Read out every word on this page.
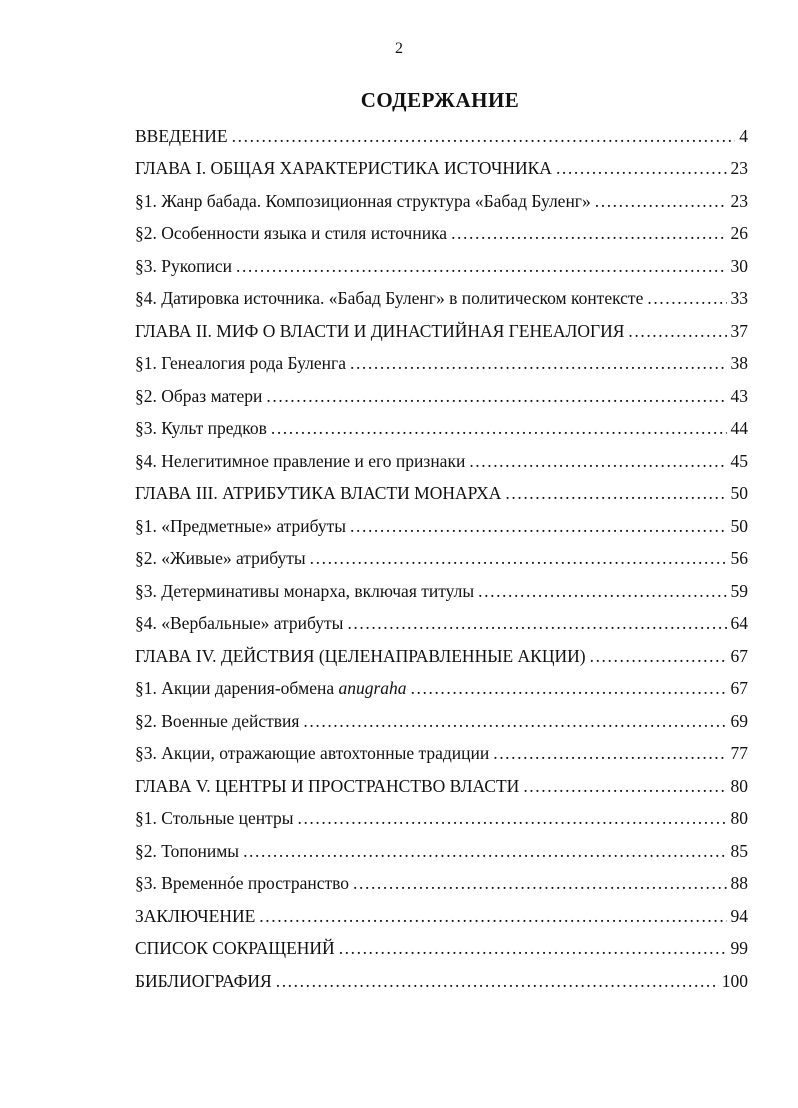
2
СОДЕРЖАНИЕ
ВВЕДЕНИЕ .....	4
ГЛАВА I. ОБЩАЯ ХАРАКТЕРИСТИКА ИСТОЧНИКА .....	23
§1. Жанр бабада. Композиционная структура «Бабад Буленг» .....	23
§2. Особенности языка и стиля источника .....	26
§3. Рукописи .....	30
§4. Датировка источника. «Бабад Буленг» в политическом контексте .....	33
ГЛАВА II. МИФ О ВЛАСТИ И ДИНАСТИЙНАЯ ГЕНЕАЛОГИЯ .....	37
§1. Генеалогия рода Буленга .....	38
§2. Образ матери .....	43
§3. Культ предков .....	44
§4. Нелегитимное правление и его признаки .....	45
ГЛАВА III. АТРИБУТИКА ВЛАСТИ МОНАРХА .....	50
§1. «Предметные» атрибуты .....	50
§2. «Живые» атрибуты .....	56
§3. Детерминативы монарха, включая титулы .....	59
§4. «Вербальные» атрибуты .....	64
ГЛАВА IV. ДЕЙСТВИЯ (ЦЕЛЕНАПРАВЛЕННЫЕ АКЦИИ) .....	67
§1. Акции дарения-обмена anugraha .....	67
§2. Военные действия .....	69
§3. Акции, отражающие автохтонные традиции .....	77
ГЛАВА V. ЦЕНТРЫ И ПРОСТРАНСТВО ВЛАСТИ .....	80
§1. Стольные центры .....	80
§2. Топонимы .....	85
§3. Временнóе пространство .....	88
ЗАКЛЮЧЕНИЕ .....	94
СПИСОК СОКРАЩЕНИЙ .....	99
БИБЛИОГРАФИЯ .....	100
